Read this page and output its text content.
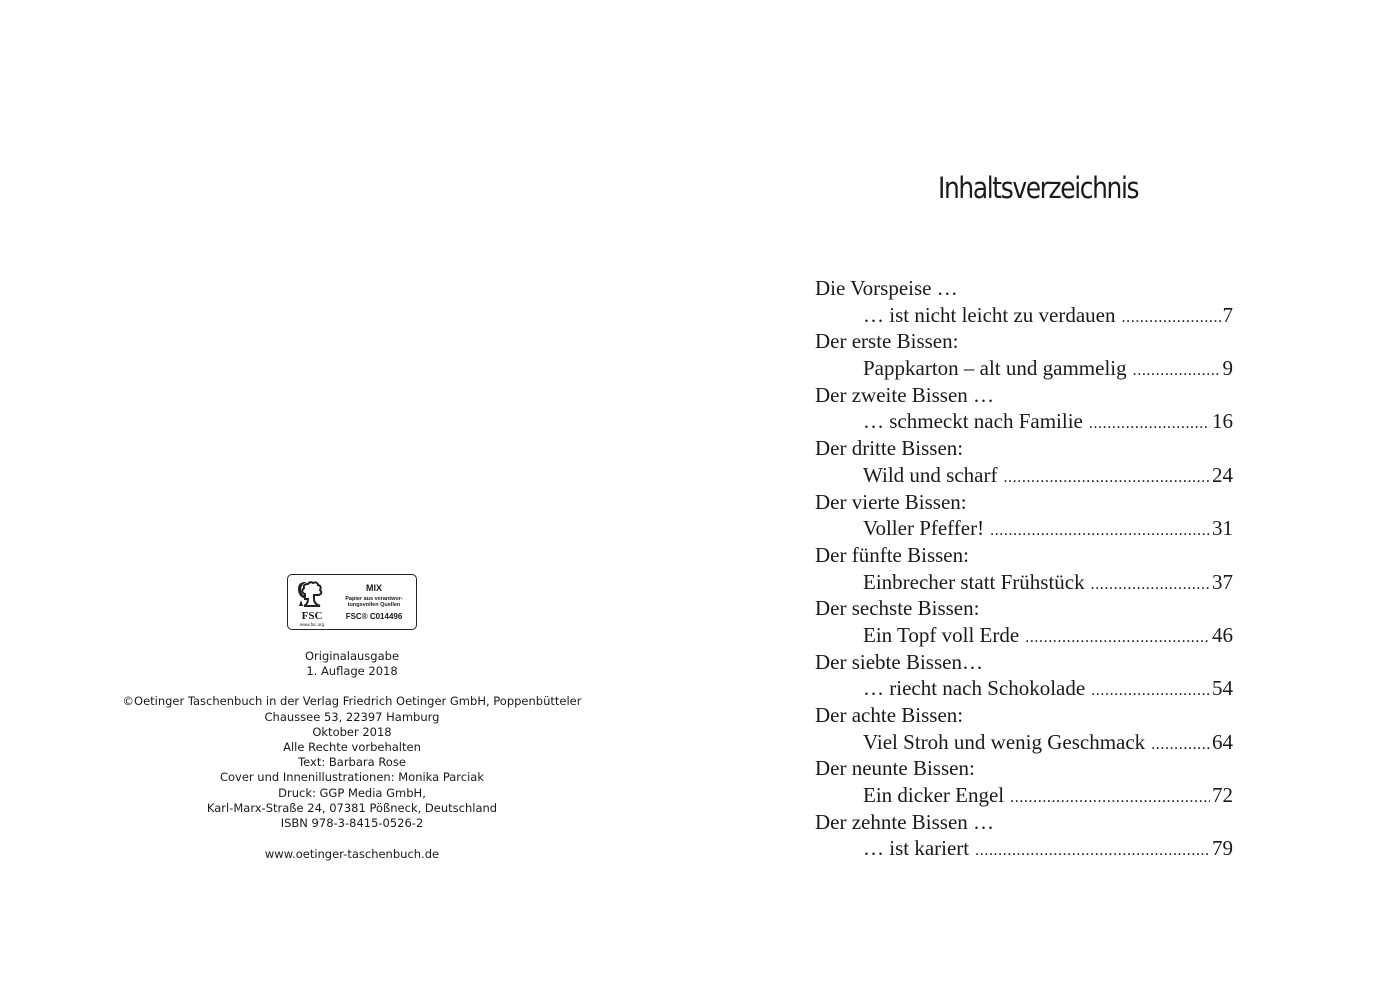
FSC
www.fsc.org
MIX
Papier aus verantwor-tungsvollen Quellen
FSC® C014496
Originalausgabe
1. Auflage 2018
©Oetinger Taschenbuch in der Verlag Friedrich Oetinger GmbH, Poppenbütteler
Chaussee 53, 22397 Hamburg
Oktober 2018
Alle Rechte vorbehalten
Text: Barbara Rose
Cover und Innenillustrationen: Monika Parciak
Druck: GGP Media GmbH,
Karl-Marx-Straße 24, 07381 Pößneck, Deutschland
ISBN 978-3-8415-0526-2
www.oetinger-taschenbuch.de
Inhaltsverzeichnis
Die Vorspeise …
… ist nicht leicht zu verdauen .....	7
Der erste Bissen:
Pappkarton – alt und gammelig .....	9
Der zweite Bissen …
… schmeckt nach Familie .....	16
Der dritte Bissen:
Wild und scharf .....	24
Der vierte Bissen:
Voller Pfeffer! .....	31
Der fünfte Bissen:
Einbrecher statt Frühstück .....	37
Der sechste Bissen:
Ein Topf voll Erde .....	46
Der siebte Bissen…
… riecht nach Schokolade .....	54
Der achte Bissen:
Viel Stroh und wenig Geschmack .....	64
Der neunte Bissen:
Ein dicker Engel .....	72
Der zehnte Bissen …
… ist kariert .....	79
